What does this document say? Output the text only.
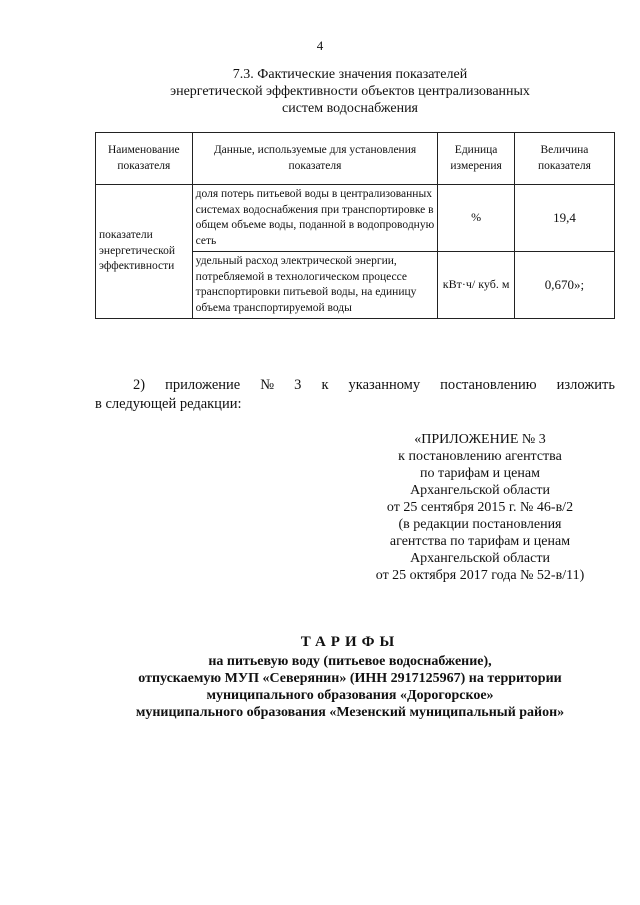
4
7.3. Фактические значения показателей
энергетической эффективности объектов централизованных
систем водоснабжения
Наименование показателя	Данные, используемые для установления показателя	Единица измерения	Величина показателя
показатели энергетической эффективности	доля потерь питьевой воды в централизованных системах водоснабжения при транспортировке в общем объеме воды, поданной в водопроводную сеть	%	19,4
	удельный расход электрической энергии, потребляемой в технологическом процессе транспортировки питьевой воды, на единицу объема транспортируемой воды	кВт·ч/ куб. м	0,670»;
2) приложение № 3 к указанному постановлению изложить
в следующей редакции:
«ПРИЛОЖЕНИЕ № 3
к постановлению агентства
по тарифам и ценам
Архангельской области
от 25 сентября 2015 г. № 46-в/2
(в редакции постановления
агентства по тарифам и ценам
Архангельской области
от 25 октября 2017 года № 52-в/11)
ТАРИФЫ
на питьевую воду (питьевое водоснабжение),
отпускаемую МУП «Северянин» (ИНН 2917125967) на территории
муниципального образования «Дорогорское»
муниципального образования «Мезенский муниципальный район»
